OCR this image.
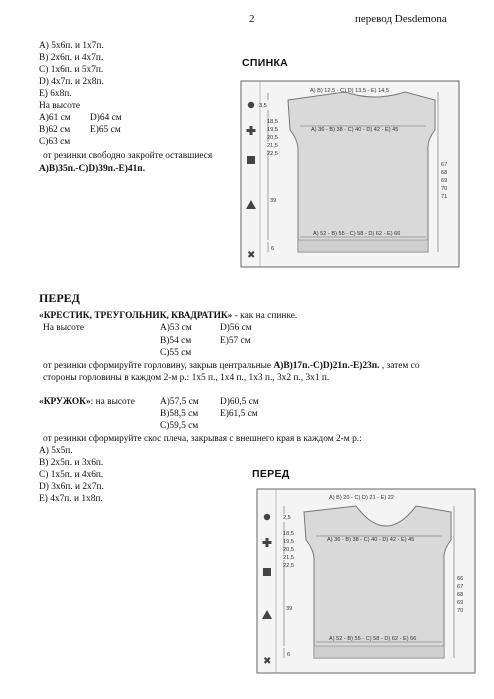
2	перевод Desdemona
A) 5х6п. и 1х7п.
B) 2х6п. и 4х7п.
C) 1х6п. и 5х7п.
D) 4х7п. и 2х8п.
E) 6х8п.
На высоте
A)61 см D)64 см
B)62 см E)65 см
C)63 см
от резинки свободно закройте оставшиеся
A)B)35п.-C)D)39п.-E)41п.
СПИНКА
✖
A) B) 12,5 - C) D) 13,5 - E) 14,5
3,5
18,5
19,5
20,5
21,5
22,5
A) 36 - B) 38 - C) 40 - D) 42 - E) 45
67
68
69
70
71
39
A) 52 - B) 55 - C) 58 - D) 62 - E) 66
6
ПЕРЕД
«КРЕСТИК, ТРЕУГОЛЬНИК, КВАДРАТИК» - как на спинке.
На высоте	A)53 см	D)56 см
B)54 см	E)57 см
C)55 см
от резинки сформируйте горловину, закрыв центральные A)B)17п.-C)D)21п.-E)23п. , затем со
стороны горловины в каждом 2-м р.: 1х5 п., 1х4 п., 1х3 п., 3х2 п., 3х1 п.
«КРУЖОК»: на высоте	A)57,5 см D)60,5 см
B)58,5 см E)61,5 см
C)59,5 см
от резинки сформируйте скос плеча, закрывая с внешнего края в каждом 2-м р.:
A) 5х5п.
B) 2х5п. и 3х6п.
C) 1х5п. и 4х6п.
D) 3х6п. и 2х7п.
E) 4х7п. и 1х8п.
ПЕРЕД
✖
A) B) 20 - C) D) 21 - E) 22
2,5
18,5
19,5
20,5
21,5
22,5
A) 36 - B) 38 - C) 40 - D) 42 - E) 45
66
67
68
69
70
39
A) 52 - B) 55 - C) 58 - D) 62 - E) 66
6
